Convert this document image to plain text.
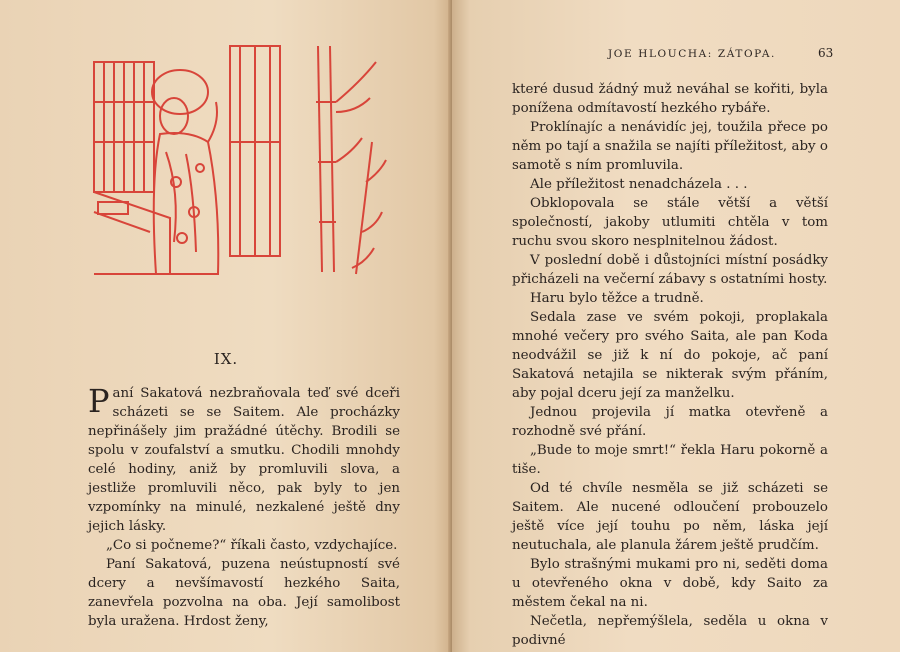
IX.

Paní Sakatová nezbraňovala teď své dceři scházeti se se Saitem. Ale procházky nepřinášely jim pražádné útěchy. Brodili se spolu v zoufalství a smutku. Chodili mnohdy celé hodiny, aniž by promluvili slova, a jestliže promluvili něco, pak byly to jen vzpomínky na minulé, nezkalené ještě dny jejich lásky.

„Co si počneme?“ říkali často, vzdychajíce.

Paní Sakatová, puzena neústupností své dcery a nevšímavostí hezkého Saita, zanevřela pozvolna na oba. Její samolibost byla uražena. Hrdost ženy,

JOE HLOUCHA: ZÁTOPA.	63

které dusud žádný muž neváhal se kořiti, byla ponížena odmítavostí hezkého rybáře.

Proklínajíc a nenávidíc jej, toužila přece po něm po tají a snažila se najíti příležitost, aby o samotě s ním promluvila.

Ale příležitost nenadcházela . . .

Obklopovala se stále větší a větší společností, jakoby utlumiti chtěla v tom ruchu svou skoro nesplnitelnou žádost.

V poslední době i důstojníci místní posádky přicházeli na večerní zábavy s ostatními hosty.

Haru bylo těžce a trudně.

Sedala zase ve svém pokoji, proplakala mnohé večery pro svého Saita, ale pan Koda neodvážil se již k ní do pokoje, ač paní Sakatová netajila se nikterak svým přáním, aby pojal dceru její za manželku.

Jednou projevila jí matka otevřeně a rozhodně své přání.

„Bude to moje smrt!“ řekla Haru pokorně a tiše.

Od té chvíle nesměla se již scházeti se Saitem. Ale nucené odloučení probouzelo ještě více její touhu po něm, láska její neutuchala, ale planula žárem ještě prudčím.

Bylo strašnými mukami pro ni, seděti doma u otevřeného okna v době, kdy Saito za městem čekal na ni.

Nečetla, nepřemýšlela, seděla u okna v podivné
